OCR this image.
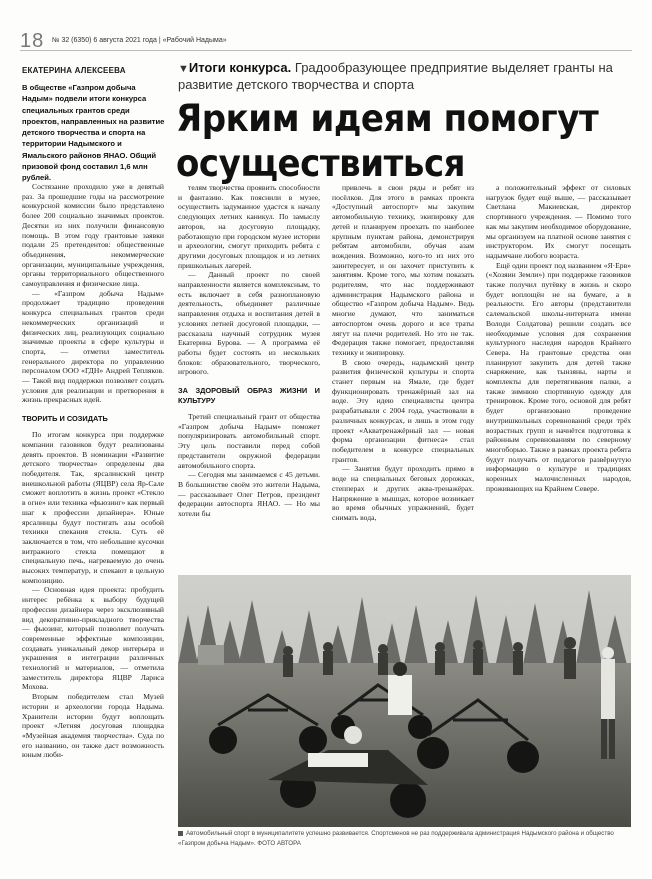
18 № 32 (6350) 6 августа 2021 года | «Рабочий Надыма»
ЕКАТЕРИНА АЛЕКСЕЕВА	▼Итоги конкурса. Градообразующее предприятие выделяет гранты на развитие детского творчества и спорта
Ярким идеям помогут осуществиться
В обществе «Газпром добыча Надым» подвели итоги конкурса специальных грантов среди проектов, направленных на развитие детского творчества и спорта на территории Надымского и Ямальского районов ЯНАО. Общий призовой фонд составил 1,6 млн рублей.

Состязание проходило уже в девятый раз. За прошедшие годы на рассмотрение конкурсной комиссии было представлено более 200 социально значимых проектов. Десятки из них получили финансовую помощь. В этом году грантовые заявки подали 25 претендентов: общественные объединения, некоммерческие организации, муниципальные учреждения, органы территориального общественного самоуправления и физические лица.

— «Газпром добыча Надым» продолжает традицию проведения конкурса специальных грантов среди некоммерческих организаций и физических лиц, реализующих социально значимые проекты в сфере культуры и спорта, — отметил заместитель генерального директора по управлению персоналом ООО «ГДН» Андрей Тепляков. — Такой вид поддержки позволяет создать условия для реализации и претворения в жизнь прекрасных идей.

ТВОРИТЬ И СОЗИДАТЬ

По итогам конкурса при поддержке компании газовиков будут реализованы девять проектов. В номинации «Развитие детского творчества» определены два победителя. Так, ярсалинский центр внешкольной работы (ЯЦВР) села Яр-Сале сможет воплотить в жизнь проект «Стекло в огне» или техника «фьюзинг» как первый шаг к профессии дизайнера». Юные ярсалинцы будут постигать азы особой техники спекания стекла. Суть её заключается в том, что небольшие кусочки витражного стекла помещают в специальную печь, нагреваемую до очень высоких температур, и спекают в цельную композицию.

— Основная идея проекта: пробудить интерес ребёнка к выбору будущей профессии дизайнера через эксклюзивный вид декоративно-прикладного творчества — фьюзинг, который позволяет получать современные эффектные композиции, создавать уникальный декор интерьера и украшения в интеграции различных технологий и материалов, — отметила заместитель директора ЯЦВР Лариса Мохова.

Вторым победителем стал Музей истории и археологии города Надыма. Хранители истории будут воплощать проект «Летняя досуговая площадка «Музейная академия творчества». Суда по его названию, он также даст возможность юным люби-

телям творчества проявить способности и фантазию. Как пояснили в музее, осуществить задуманное удастся к началу следующих летних каникул. По замыслу авторов, на досуговую площадку, работающую при городском музее истории и археологии, смогут приходить ребята с другими досуговых площадок и из летних пришкольных лагерей.

— Данный проект по своей направленности является комплексным, то есть включает в себя разноплановую деятельность, объединяет различные направления отдыха и воспитания детей в условиях летней досуговой площадки, — рассказала научный сотрудник музея Екатерина Бурова. — А программа её работы будет состоять из нескольких блоков: образовательного, творческого, игрового.

ЗА ЗДОРОВЫЙ ОБРАЗ ЖИЗНИ И КУЛЬТУРУ

Третий специальный грант от общества «Газпром добыча Надым» поможет популяризировать автомобильный спорт. Эту цель поставили перед собой представители окружной федерации автомобильного спорта.

— Сегодня мы занимаемся с 45 детьми. В большинстве своём это жители Надыма, — рассказывает Олег Петров, президент федерации автоспорта ЯНАО. — Но мы хотели бы

привлечь в свои ряды и ребят из посёлков. Для этого в рамках проекта «Доступный автоспорт» мы закупим автомобильную технику, экипировку для детей и планируем проехать по наиболее крупным пунктам района, демонстрируя ребятам автомобили, обучая азам вождения. Возможно, кого-то из них это заинтересует, и он захочет приступить к занятиям. Кроме того, мы хотим показать родителям, что нас поддерживают администрация Надымского района и общество «Газпром добыча Надым». Ведь многие думают, что заниматься автоспортом очень дорого и все траты лягут на плечи родителей. Но это не так. Федерация также помогает, предоставляя технику и экипировку.

В свою очередь, надымский центр развития физической культуры и спорта станет первым на Ямале, где будет функционировать тренажёрный зал на воде. Эту идею специалисты центра разрабатывали с 2004 года, участвовали в различных конкурсах, и лишь в этом году проект «Акватренажёрный зал — новая форма организации фитнеса» стал победителем в конкурсе специальных грантов.

— Занятия будут проходить прямо в воде на специальных беговых дорожках, степперах и других аква-тренажёрах. Напряжение в мышцах, которое возникает во время обычных упражнений, будет снимать вода,

а положительный эффект от силовых нагрузок будет ещё выше, — рассказывает Светлана Макиевская, директор спортивного учреждения. — Помимо того как мы закупим необходимое оборудование, мы организуем на платной основе занятия с инструктором. Их смогут посещать надымчане любого возраста.

Ещё один проект под названием «Я·Ерв» («Хозяин Земли») при поддержке газовиков также получил путёвку в жизнь и скоро будет воплощён не на бумаге, а в реальности. Его авторы (представители салемальской школы-интерната имени Володи Солдатова) решили создать все необходимые условия для сохранения культурного наследия народов Крайнего Севера. На грантовые средства они планируют закупить для детей также снаряжение, как тынзяны, нарты и комплекты для перетягивания палки, а также зимнюю спортивную одежду для тренировок. Кроме того, основой для ребят будет организовано проведение внутришкольных соревнований среди трёх возрастных групп и начнётся подготовка к районным соревнованиям по северному многоборью. Также в рамках проекта ребята будут получать от педагогов развёрнутую информацию о культуре и традициях коренных малочисленных народов, проживающих на Крайнем Севере.

Автомобильный спорт в муниципалитете успешно развивается. Спортсменов не раз поддерживала администрация Надымского района и общество «Газпром добыча Надым». ФОТО АВТОРА
